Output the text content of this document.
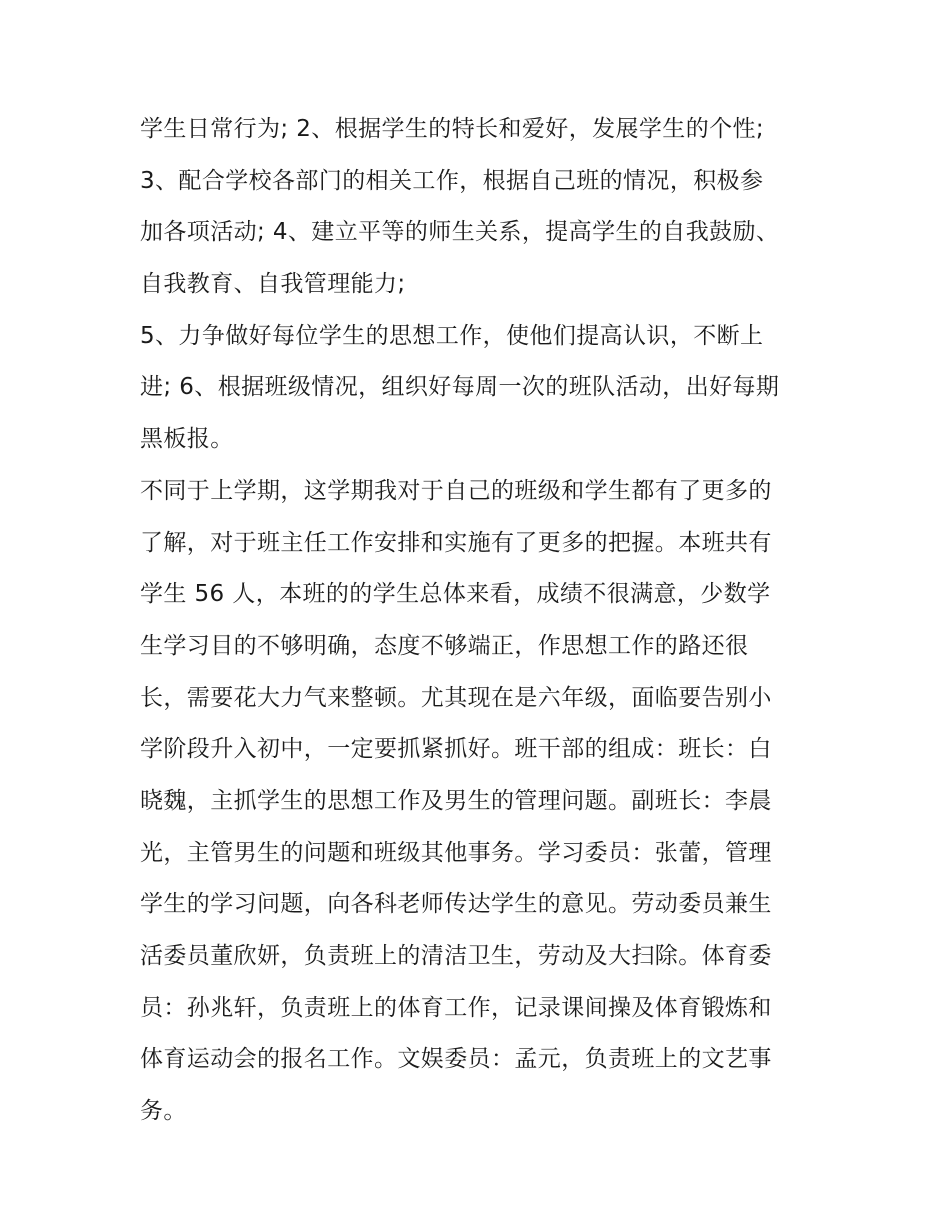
学生日常行为; 2、根据学生的特长和爱好，发展学生的个性;
3、配合学校各部门的相关工作，根据自己班的情况，积极参
加各项活动; 4、建立平等的师生关系，提高学生的自我鼓励、
自我教育、自我管理能力;
5、力争做好每位学生的思想工作，使他们提高认识，不断上
进; 6、根据班级情况，组织好每周一次的班队活动，出好每期
黑板报。
不同于上学期，这学期我对于自己的班级和学生都有了更多的
了解，对于班主任工作安排和实施有了更多的把握。本班共有
学生 56 人，本班的的学生总体来看，成绩不很满意，少数学
生学习目的不够明确，态度不够端正，作思想工作的路还很
长，需要花大力气来整顿。尤其现在是六年级，面临要告别小
学阶段升入初中，一定要抓紧抓好。班干部的组成：班长：白
晓魏，主抓学生的思想工作及男生的管理问题。副班长：李晨
光，主管男生的问题和班级其他事务。学习委员：张蕾，管理
学生的学习问题，向各科老师传达学生的意见。劳动委员兼生
活委员董欣妍，负责班上的清洁卫生，劳动及大扫除。体育委
员：孙兆轩，负责班上的体育工作，记录课间操及体育锻炼和
体育运动会的报名工作。文娱委员：孟元，负责班上的文艺事
务。
